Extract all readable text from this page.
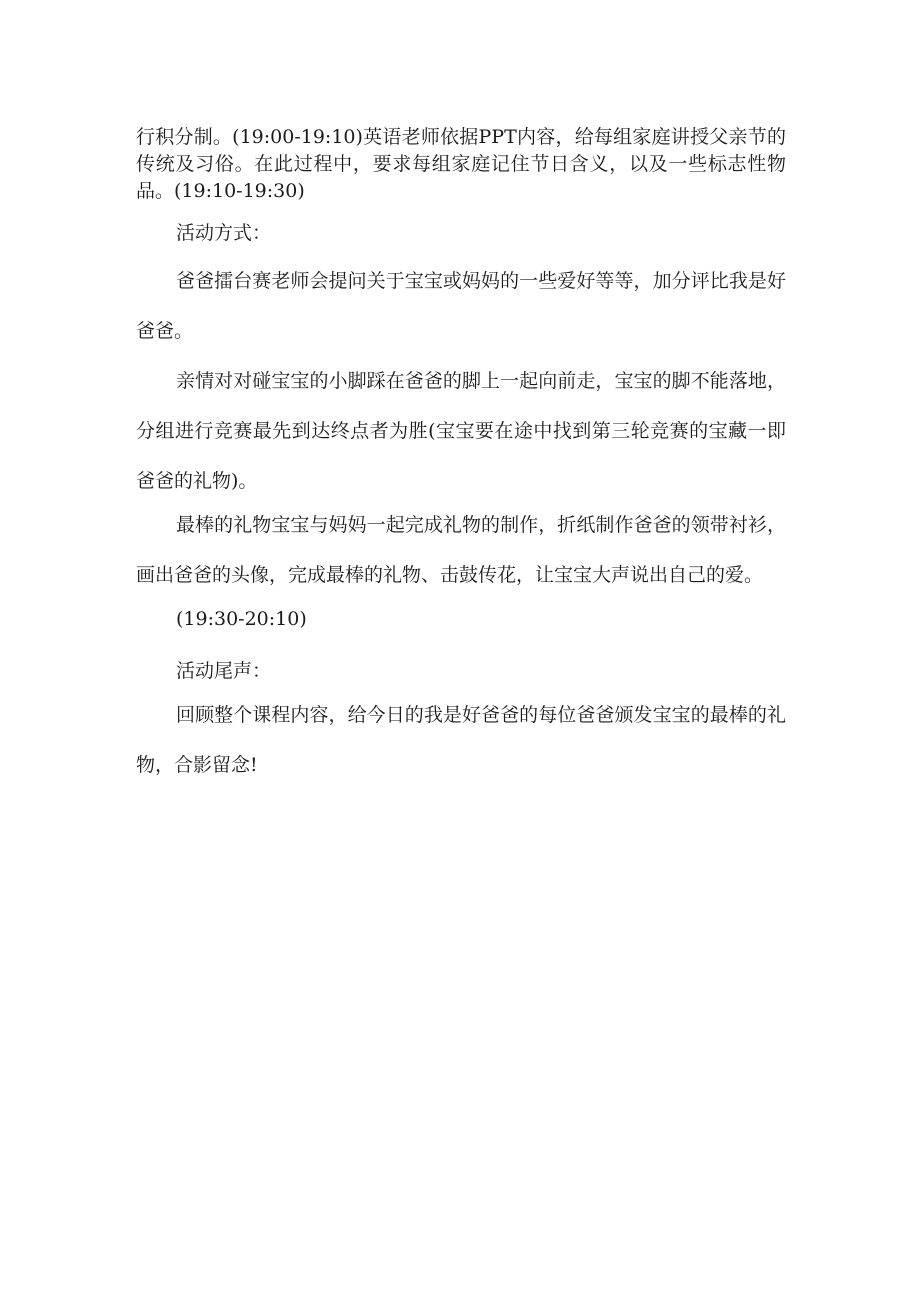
行积分制。(19:00-19:10)英语老师依据PPT内容，给每组家庭讲授父亲节的传统及习俗。在此过程中，要求每组家庭记住节日含义，以及一些标志性物品。(19:10-19:30)
活动方式：
爸爸擂台赛老师会提问关于宝宝或妈妈的一些爱好等等，加分评比我是好爸爸。
亲情对对碰宝宝的小脚踩在爸爸的脚上一起向前走，宝宝的脚不能落地，分组进行竞赛最先到达终点者为胜(宝宝要在途中找到第三轮竞赛的宝藏一即爸爸的礼物)。
最棒的礼物宝宝与妈妈一起完成礼物的制作，折纸制作爸爸的领带衬衫，画出爸爸的头像，完成最棒的礼物、击鼓传花，让宝宝大声说出自己的爱。
(19:30-20:10)
活动尾声：
回顾整个课程内容，给今日的我是好爸爸的每位爸爸颁发宝宝的最棒的礼物，合影留念!
